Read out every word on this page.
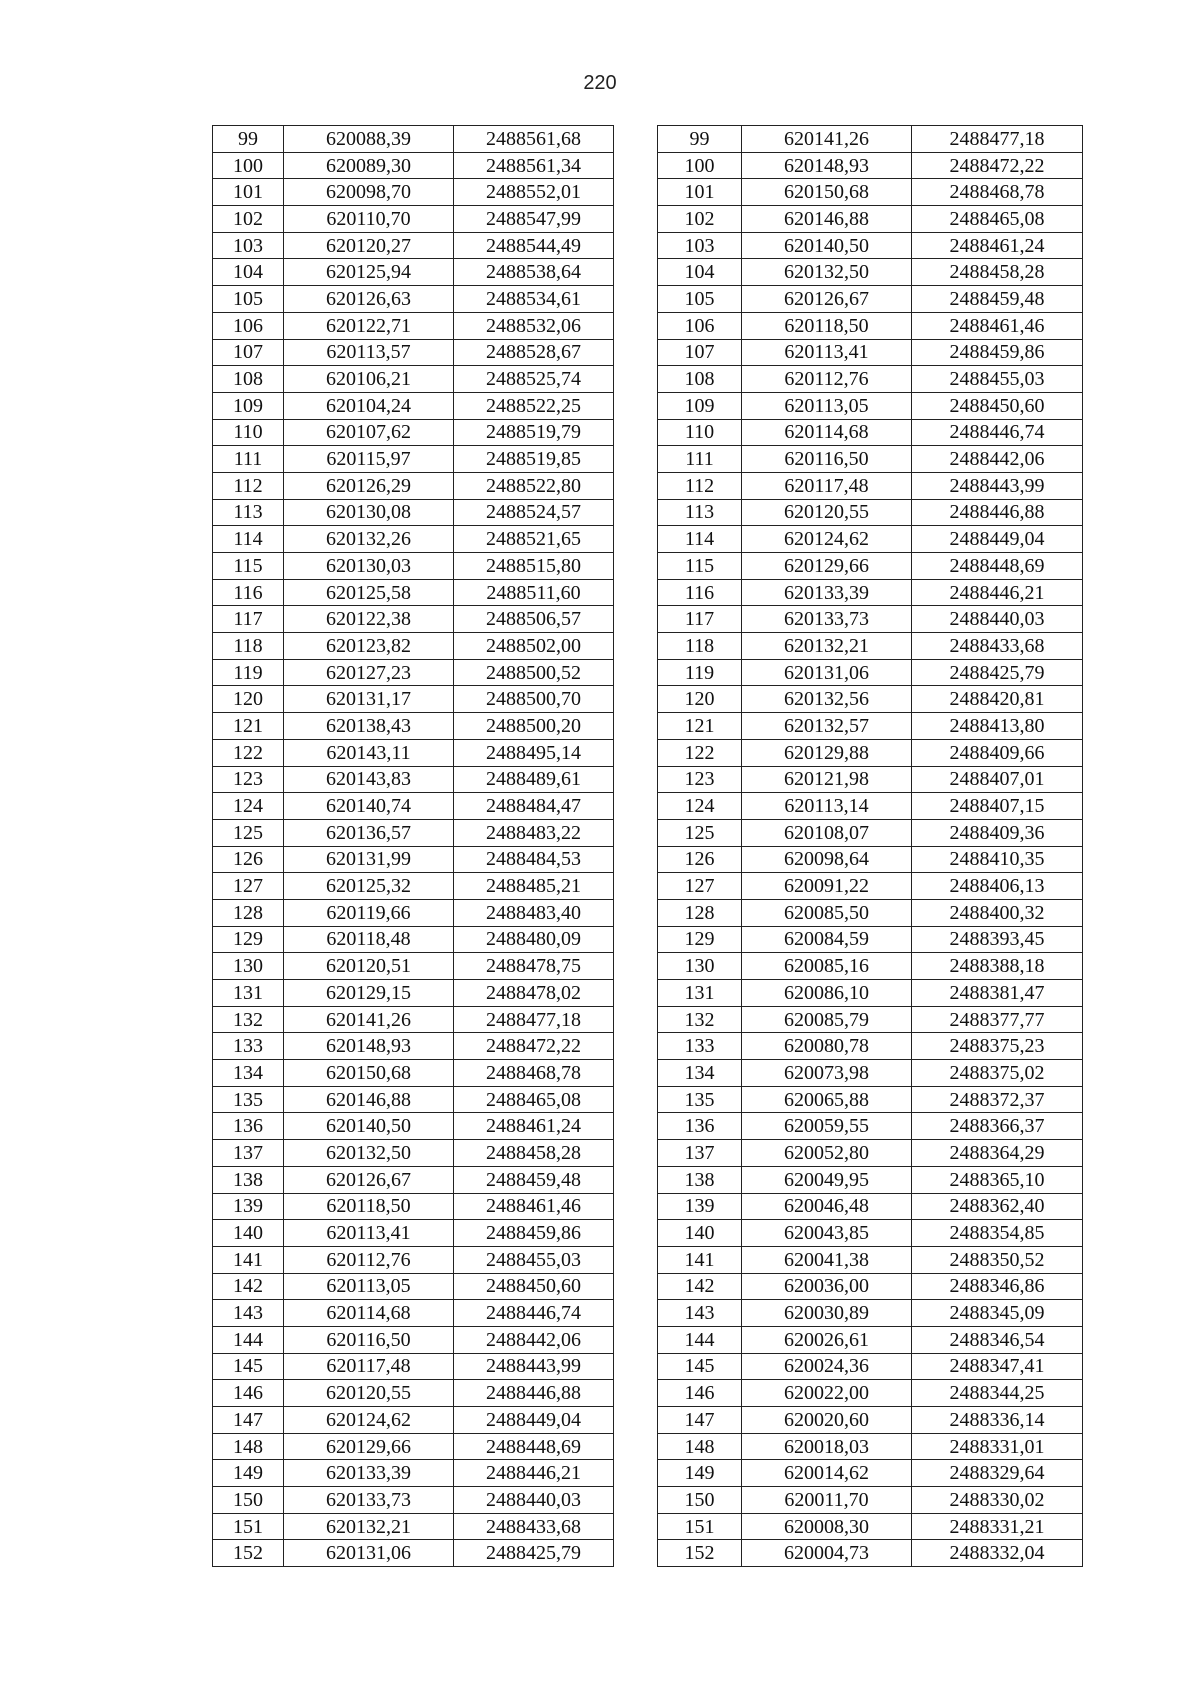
220
99	620088,39	2488561,68		99	620141,26	2488477,18
100	620089,30	2488561,34		100	620148,93	2488472,22
101	620098,70	2488552,01		101	620150,68	2488468,78
102	620110,70	2488547,99		102	620146,88	2488465,08
103	620120,27	2488544,49		103	620140,50	2488461,24
104	620125,94	2488538,64		104	620132,50	2488458,28
105	620126,63	2488534,61		105	620126,67	2488459,48
106	620122,71	2488532,06		106	620118,50	2488461,46
107	620113,57	2488528,67		107	620113,41	2488459,86
108	620106,21	2488525,74		108	620112,76	2488455,03
109	620104,24	2488522,25		109	620113,05	2488450,60
110	620107,62	2488519,79		110	620114,68	2488446,74
111	620115,97	2488519,85		111	620116,50	2488442,06
112	620126,29	2488522,80		112	620117,48	2488443,99
113	620130,08	2488524,57		113	620120,55	2488446,88
114	620132,26	2488521,65		114	620124,62	2488449,04
115	620130,03	2488515,80		115	620129,66	2488448,69
116	620125,58	2488511,60		116	620133,39	2488446,21
117	620122,38	2488506,57		117	620133,73	2488440,03
118	620123,82	2488502,00		118	620132,21	2488433,68
119	620127,23	2488500,52		119	620131,06	2488425,79
120	620131,17	2488500,70		120	620132,56	2488420,81
121	620138,43	2488500,20		121	620132,57	2488413,80
122	620143,11	2488495,14		122	620129,88	2488409,66
123	620143,83	2488489,61		123	620121,98	2488407,01
124	620140,74	2488484,47		124	620113,14	2488407,15
125	620136,57	2488483,22		125	620108,07	2488409,36
126	620131,99	2488484,53		126	620098,64	2488410,35
127	620125,32	2488485,21		127	620091,22	2488406,13
128	620119,66	2488483,40		128	620085,50	2488400,32
129	620118,48	2488480,09		129	620084,59	2488393,45
130	620120,51	2488478,75		130	620085,16	2488388,18
131	620129,15	2488478,02		131	620086,10	2488381,47
132	620141,26	2488477,18		132	620085,79	2488377,77
133	620148,93	2488472,22		133	620080,78	2488375,23
134	620150,68	2488468,78		134	620073,98	2488375,02
135	620146,88	2488465,08		135	620065,88	2488372,37
136	620140,50	2488461,24		136	620059,55	2488366,37
137	620132,50	2488458,28		137	620052,80	2488364,29
138	620126,67	2488459,48		138	620049,95	2488365,10
139	620118,50	2488461,46		139	620046,48	2488362,40
140	620113,41	2488459,86		140	620043,85	2488354,85
141	620112,76	2488455,03		141	620041,38	2488350,52
142	620113,05	2488450,60		142	620036,00	2488346,86
143	620114,68	2488446,74		143	620030,89	2488345,09
144	620116,50	2488442,06		144	620026,61	2488346,54
145	620117,48	2488443,99		145	620024,36	2488347,41
146	620120,55	2488446,88		146	620022,00	2488344,25
147	620124,62	2488449,04		147	620020,60	2488336,14
148	620129,66	2488448,69		148	620018,03	2488331,01
149	620133,39	2488446,21		149	620014,62	2488329,64
150	620133,73	2488440,03		150	620011,70	2488330,02
151	620132,21	2488433,68		151	620008,30	2488331,21
152	620131,06	2488425,79		152	620004,73	2488332,04
